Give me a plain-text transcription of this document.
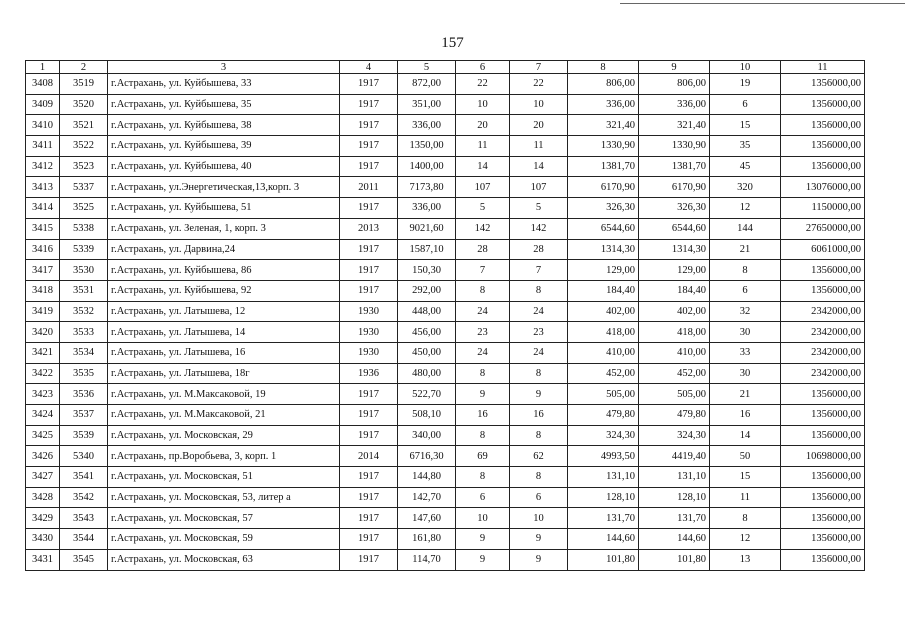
157
1	2	3	4	5	6	7	8	9	10	11
3408	3519	г.Астрахань, ул. Куйбышева, 33	1917	872,00	22	22	806,00	806,00	19	1356000,00
3409	3520	г.Астрахань, ул. Куйбышева, 35	1917	351,00	10	10	336,00	336,00	6	1356000,00
3410	3521	г.Астрахань, ул. Куйбышева, 38	1917	336,00	20	20	321,40	321,40	15	1356000,00
3411	3522	г.Астрахань, ул. Куйбышева, 39	1917	1350,00	11	11	1330,90	1330,90	35	1356000,00
3412	3523	г.Астрахань, ул. Куйбышева, 40	1917	1400,00	14	14	1381,70	1381,70	45	1356000,00
3413	5337	г.Астрахань, ул.Энергетическая,13,корп. 3	2011	7173,80	107	107	6170,90	6170,90	320	13076000,00
3414	3525	г.Астрахань, ул. Куйбышева, 51	1917	336,00	5	5	326,30	326,30	12	1150000,00
3415	5338	г.Астрахань, ул. Зеленая, 1, корп. 3	2013	9021,60	142	142	6544,60	6544,60	144	27650000,00
3416	5339	г.Астрахань, ул. Дарвина,24	1917	1587,10	28	28	1314,30	1314,30	21	6061000,00
3417	3530	г.Астрахань, ул. Куйбышева, 86	1917	150,30	7	7	129,00	129,00	8	1356000,00
3418	3531	г.Астрахань, ул. Куйбышева, 92	1917	292,00	8	8	184,40	184,40	6	1356000,00
3419	3532	г.Астрахань, ул. Латышева, 12	1930	448,00	24	24	402,00	402,00	32	2342000,00
3420	3533	г.Астрахань, ул. Латышева, 14	1930	456,00	23	23	418,00	418,00	30	2342000,00
3421	3534	г.Астрахань, ул. Латышева, 16	1930	450,00	24	24	410,00	410,00	33	2342000,00
3422	3535	г.Астрахань, ул. Латышева, 18г	1936	480,00	8	8	452,00	452,00	30	2342000,00
3423	3536	г.Астрахань, ул. М.Максаковой, 19	1917	522,70	9	9	505,00	505,00	21	1356000,00
3424	3537	г.Астрахань, ул. М.Максаковой, 21	1917	508,10	16	16	479,80	479,80	16	1356000,00
3425	3539	г.Астрахань, ул. Московская, 29	1917	340,00	8	8	324,30	324,30	14	1356000,00
3426	5340	г.Астрахань, пр.Воробьева, 3, корп. 1	2014	6716,30	69	62	4993,50	4419,40	50	10698000,00
3427	3541	г.Астрахань, ул. Московская, 51	1917	144,80	8	8	131,10	131,10	15	1356000,00
3428	3542	г.Астрахань, ул. Московская, 53, литер а	1917	142,70	6	6	128,10	128,10	11	1356000,00
3429	3543	г.Астрахань, ул. Московская, 57	1917	147,60	10	10	131,70	131,70	8	1356000,00
3430	3544	г.Астрахань, ул. Московская, 59	1917	161,80	9	9	144,60	144,60	12	1356000,00
3431	3545	г.Астрахань, ул. Московская, 63	1917	114,70	9	9	101,80	101,80	13	1356000,00
